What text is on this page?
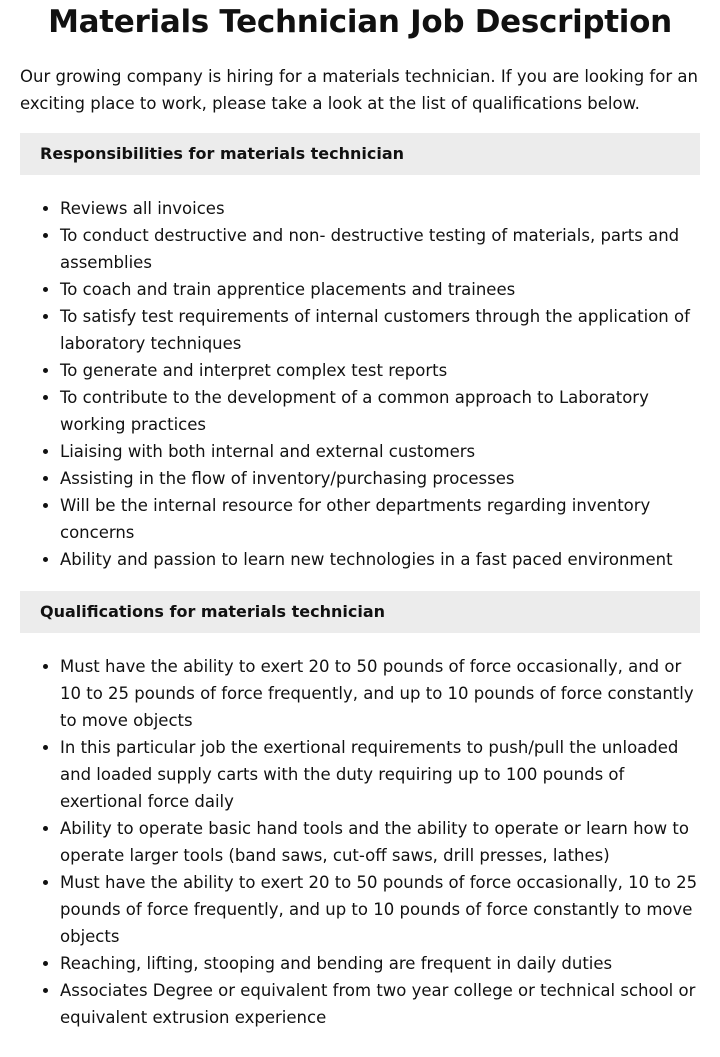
Materials Technician Job Description

Our growing company is hiring for a materials technician. If you are looking for an exciting place to work, please take a look at the list of qualifications below.

Responsibilities for materials technician
• Reviews all invoices
• To conduct destructive and non- destructive testing of materials, parts and assemblies
• To coach and train apprentice placements and trainees
• To satisfy test requirements of internal customers through the application of laboratory techniques
• To generate and interpret complex test reports
• To contribute to the development of a common approach to Laboratory working practices
• Liaising with both internal and external customers
• Assisting in the flow of inventory/purchasing processes
• Will be the internal resource for other departments regarding inventory concerns
• Ability and passion to learn new technologies in a fast paced environment
Qualifications for materials technician
• Must have the ability to exert 20 to 50 pounds of force occasionally, and or 10 to 25 pounds of force frequently, and up to 10 pounds of force constantly to move objects
• In this particular job the exertional requirements to push/pull the unloaded and loaded supply carts with the duty requiring up to 100 pounds of exertional force daily
• Ability to operate basic hand tools and the ability to operate or learn how to operate larger tools (band saws, cut-off saws, drill presses, lathes)
• Must have the ability to exert 20 to 50 pounds of force occasionally, 10 to 25 pounds of force frequently, and up to 10 pounds of force constantly to move objects
• Reaching, lifting, stooping and bending are frequent in daily duties
• Associates Degree or equivalent from two year college or technical school or equivalent extrusion experience
